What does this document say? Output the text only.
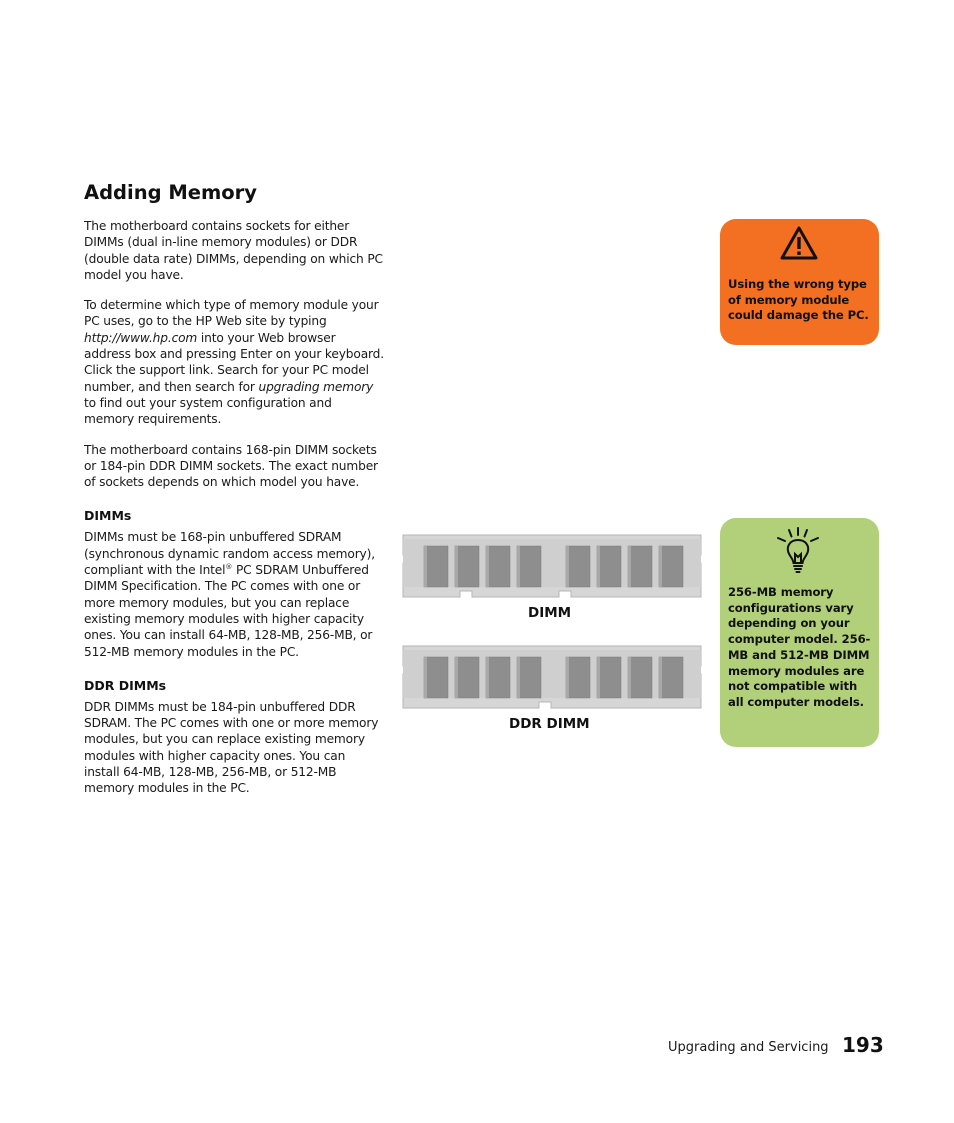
Adding Memory

The motherboard contains sockets for either DIMMs (dual in-line memory modules) or DDR (double data rate) DIMMs, depending on which PC model you have.

To determine which type of memory module your PC uses, go to the HP Web site by typing http://www.hp.com into your Web browser address box and pressing Enter on your keyboard. Click the support link. Search for your PC model number, and then search for upgrading memory to find out your system configuration and memory requirements.

The motherboard contains 168-pin DIMM sockets or 184-pin DDR DIMM sockets. The exact number of sockets depends on which model you have.

DIMMs

DIMMs must be 168-pin unbuffered SDRAM (synchronous dynamic random access memory), compliant with the Intel® PC SDRAM Unbuffered DIMM Specification. The PC comes with one or more memory modules, but you can replace existing memory modules with higher capacity ones. You can install 64-MB, 128-MB, 256-MB, or 512-MB memory modules in the PC.

DDR DIMMs

DDR DIMMs must be 184-pin unbuffered DDR SDRAM. The PC comes with one or more memory modules, but you can replace existing memory modules with higher capacity ones. You can install 64-MB, 128-MB, 256-MB, or 512-MB memory modules in the PC.

Using the wrong type of memory module could damage the PC.
256-MB memory configurations vary depending on your computer model. 256-MB and 512-MB DIMM memory modules are not compatible with all computer models.
DIMM
DDR DIMM
Upgrading and Servicing 193
